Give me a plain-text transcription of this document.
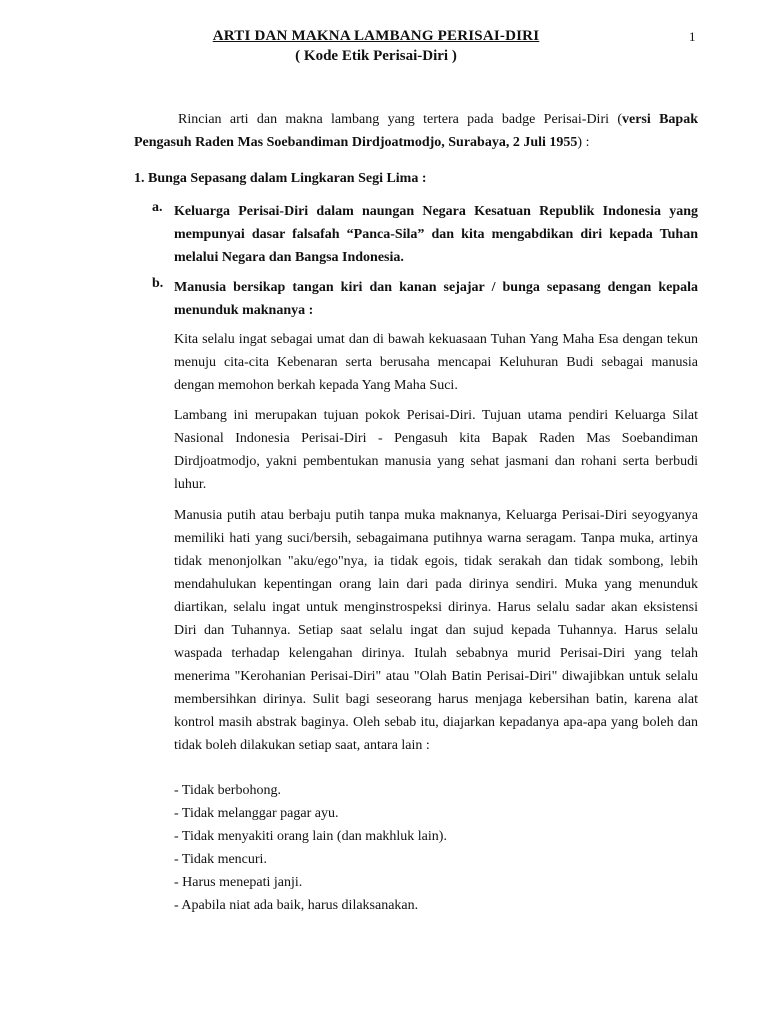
1
ARTI DAN MAKNA LAMBANG PERISAI-DIRI
( Kode Etik Perisai-Diri )

Rincian arti dan makna lambang yang tertera pada badge Perisai-Diri (versi Bapak Pengasuh Raden Mas Soebandiman Dirdjoatmodjo, Surabaya, 2 Juli 1955) :

1. Bunga Sepasang dalam Lingkaran Segi Lima :
a. Keluarga Perisai-Diri dalam naungan Negara Kesatuan Republik Indonesia yang mempunyai dasar falsafah “Panca-Sila” dan kita mengabdikan diri kepada Tuhan melalui Negara dan Bangsa Indonesia.
b. Manusia bersikap tangan kiri dan kanan sejajar / bunga sepasang dengan kepala menunduk maknanya :

Kita selalu ingat sebagai umat dan di bawah kekuasaan Tuhan Yang Maha Esa dengan tekun menuju cita-cita Kebenaran serta berusaha mencapai Keluhuran Budi sebagai manusia dengan memohon berkah kepada Yang Maha Suci.

Lambang ini merupakan tujuan pokok Perisai-Diri. Tujuan utama pendiri Keluarga Silat Nasional Indonesia Perisai-Diri - Pengasuh kita Bapak Raden Mas Soebandiman Dirdjoatmodjo, yakni pembentukan manusia yang sehat jasmani dan rohani serta berbudi luhur.

Manusia putih atau berbaju putih tanpa muka maknanya, Keluarga Perisai-Diri seyogyanya memiliki hati yang suci/bersih, sebagaimana putihnya warna seragam. Tanpa muka, artinya tidak menonjolkan "aku/ego"nya, ia tidak egois, tidak serakah dan tidak sombong, lebih mendahulukan kepentingan orang lain dari pada dirinya sendiri. Muka yang menunduk diartikan, selalu ingat untuk menginstrospeksi dirinya. Harus selalu sadar akan eksistensi Diri dan Tuhannya. Setiap saat selalu ingat dan sujud kepada Tuhannya. Harus selalu waspada terhadap kelengahan dirinya. Itulah sebabnya murid Perisai-Diri yang telah menerima "Kerohanian Perisai-Diri" atau "Olah Batin Perisai-Diri" diwajibkan untuk selalu membersihkan dirinya. Sulit bagi seseorang harus menjaga kebersihan batin, karena alat kontrol masih abstrak baginya. Oleh sebab itu, diajarkan kepadanya apa-apa yang boleh dan tidak boleh dilakukan setiap saat, antara lain :

- Tidak berbohong.
- Tidak melanggar pagar ayu.
- Tidak menyakiti orang lain (dan makhluk lain).
- Tidak mencuri.
- Harus menepati janji.
- Apabila niat ada baik, harus dilaksanakan.
